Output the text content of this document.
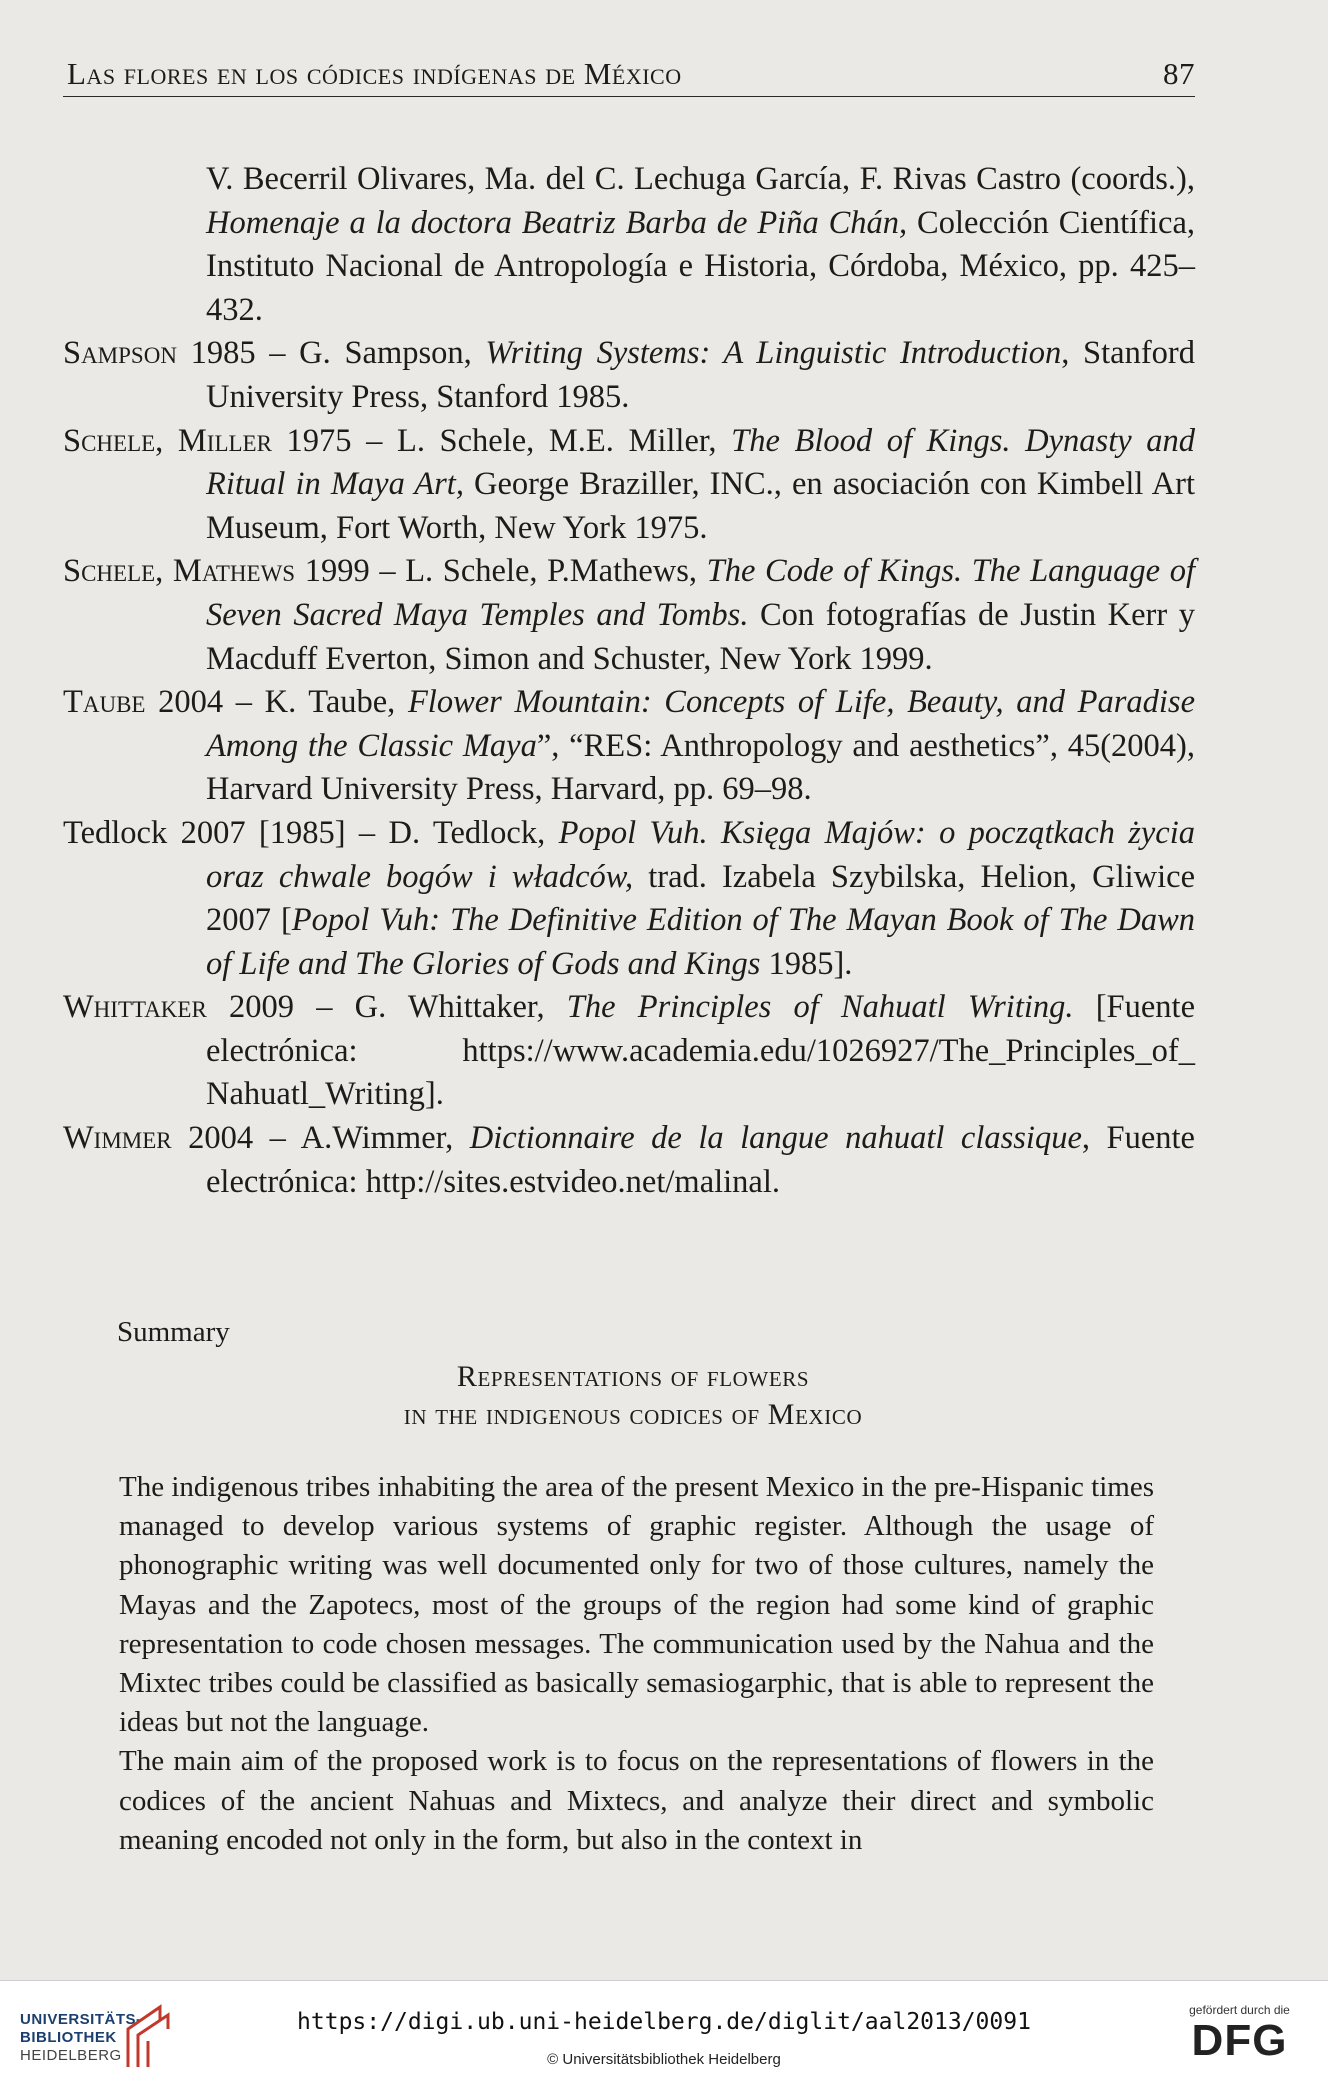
Las flores en los códices indígenas de México	87

V. Becerril Olivares, Ma. del C. Lechuga García, F. Rivas Castro (coords.), Homenaje a la doctora Beatriz Barba de Piña Chán, Colección Científica, Instituto Nacional de Antropología e Historia, Córdoba, México, pp. 425–432.

Sampson 1985 – G. Sampson, Writing Systems: A Linguistic Introduction, Stanford University Press, Stanford 1985.

Schele, Miller 1975 – L. Schele, M.E. Miller, The Blood of Kings. Dynasty and Ritual in Maya Art, George Braziller, INC., en asociación con Kimbell Art Museum, Fort Worth, New York 1975.

Schele, Mathews 1999 – L. Schele, P.Mathews, The Code of Kings. The Language of Seven Sacred Maya Temples and Tombs. Con fotografías de Justin Kerr y Macduff Everton, Simon and Schuster, New York 1999.

Taube 2004 – K. Taube, Flower Mountain: Concepts of Life, Beauty, and Paradise Among the Classic Maya”, “RES: Anthropology and aesthetics”, 45(2004), Harvard University Press, Harvard, pp. 69–98.

Tedlock 2007 [1985] – D. Tedlock, Popol Vuh. Księga Majów: o początkach życia oraz chwale bogów i władców, trad. Izabela Szybilska, Helion, Gliwice 2007 [Popol Vuh: The Definitive Edition of The Mayan Book of The Dawn of Life and The Glories of Gods and Kings 1985].

Whittaker 2009 – G. Whittaker, The Principles of Nahuatl Writing. [Fuente electrónica: https://www.academia.edu/1026927/The_Principles_of_ Nahuatl_Writing].

Wimmer 2004 – A.Wimmer, Dictionnaire de la langue nahuatl classique, Fuente electrónica: http://sites.estvideo.net/malinal.

Summary
Representations of flowers
in the indigenous codices of Mexico

The indigenous tribes inhabiting the area of the present Mexico in the pre-Hispanic times managed to develop various systems of graphic register. Although the usage of phonographic writing was well documented only for two of those cultures, namely the Mayas and the Zapotecs, most of the groups of the region had some kind of graphic representation to code chosen messages. The communication used by the Nahua and the Mixtec tribes could be classified as basically semasiogarphic, that is able to represent the ideas but not the language.

The main aim of the proposed work is to focus on the representations of flowers in the codices of the ancient Nahuas and Mixtecs, and analyze their direct and symbolic meaning encoded not only in the form, but also in the context in

UNIVERSITÄTS-
BIBLIOTHEK
HEIDELBERG
https://digi.ub.uni-heidelberg.de/diglit/aal2013/0091
© Universitätsbibliothek Heidelberg
gefördert durch die
DFG
